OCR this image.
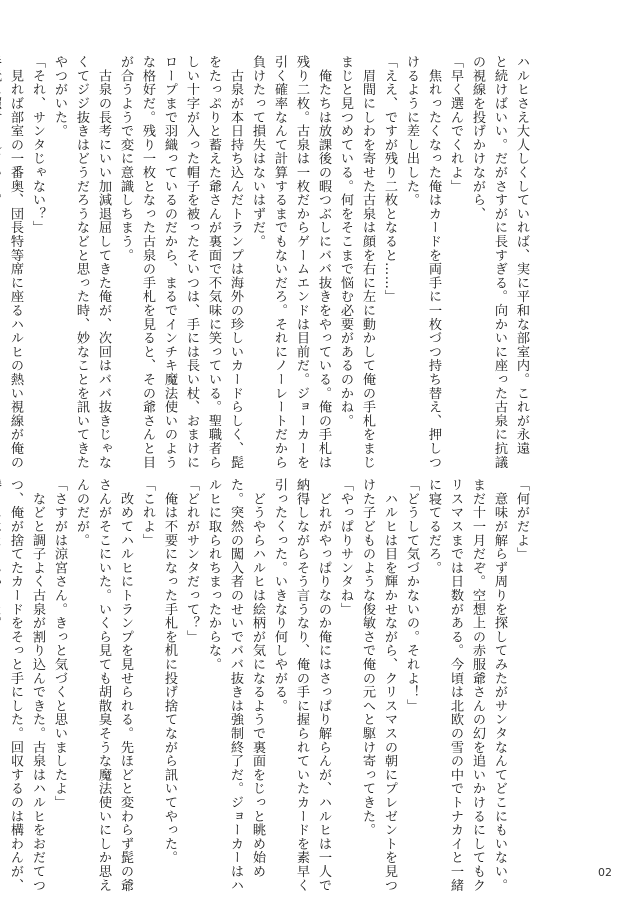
ハルヒさえ大人しくしていれば、実に平和な部室内。これが永遠
と続けばいい。だがさすがに長すぎる。向かいに座った古泉に抗議
の視線を投げかけながら、
「早く選んでくれよ」
　焦れったくなった俺はカードを両手に一枚づつ持ち替え、押しつ
けるように差し出した。
「ええ、ですが残り二枚となると……」
　眉間にしわを寄せた古泉は顔を右に左に動かして俺の手札をまじ
まじと見つめている。何をそこまで悩む必要があるのかね。
　俺たちは放課後の暇つぶしにババ抜きをやっている。俺の手札は
残り二枚。古泉は一枚だからゲームエンドは目前だ。ジョーカーを
引く確率なんて計算するまでもないだろ。それにノーレートだから
負けたって損失はないはずだ。
　古泉が本日持ち込んだトランプは海外の珍しいカードらしく、髭
をたっぷりと蓄えた爺さんが裏面で不気味に笑っている。聖職者ら
しい十字が入った帽子を被ったそいつは、手には長い杖、おまけに
ロープまで羽織っているのだから、まるでインチキ魔法使いのよう
な格好だ。残り一枚となった古泉の手札を見ると、その爺さんと目
が合うようで変に意識しちまう。
　古泉の長考にいい加減退屈してきた俺が、次回はババ抜きじゃな
くてジジ抜きはどうだろうなどと思った時、妙なことを訊いてきた
やつがいた。
「それ、サンタじゃない？」
　見れば部室の一番奥、団長特等席に座るハルヒの熱い視線が俺の
「何がだよ」
　意味が解らず周りを探してみたがサンタなんてどこにもいない。
まだ十一月だぞ。空想上の赤服爺さんの幻を追いかけるにしてもク
リスマスまでは日数がある。今頃は北欧の雪の中でトナカイと一緒
に寝てるだろ。
「どうして気づかないの。それよ！」
　ハルヒは目を輝かせながら、クリスマスの朝にプレゼントを見つ
けた子どものような俊敏さで俺の元へと駆け寄ってきた。
「やっぱりサンタね」
　どれがやっぱりなのか俺にはさっぱり解らんが、ハルヒは一人で
納得しながらそう言うなり、俺の手に握られていたカードを素早く
引ったくった。いきなり何しやがる。
　どうやらハルヒは絵柄が気になるようで裏面をじっと眺め始め
た。突然の闖入者のせいでババ抜きは強制終了だ。ジョーカーはハ
ルヒに取られちまったからな。
「どれがサンタだって？」
　俺は不要になった手札を机に投げ捨てながら訊いてやった。
「これよ」
　改めてハルヒにトランプを見せられる。先ほどと変わらず髭の爺
さんがそこにいた。いくら見ても胡散臭そうな魔法使いにしか思え
んのだが。
「さすがは涼宮さん。きっと気づくと思いましたよ」
　などと調子よく古泉が割り込んできた。古泉はハルヒをおだてつ
つ、俺が捨てたカードをそっと手にした。回収するのは構わんが、	02
